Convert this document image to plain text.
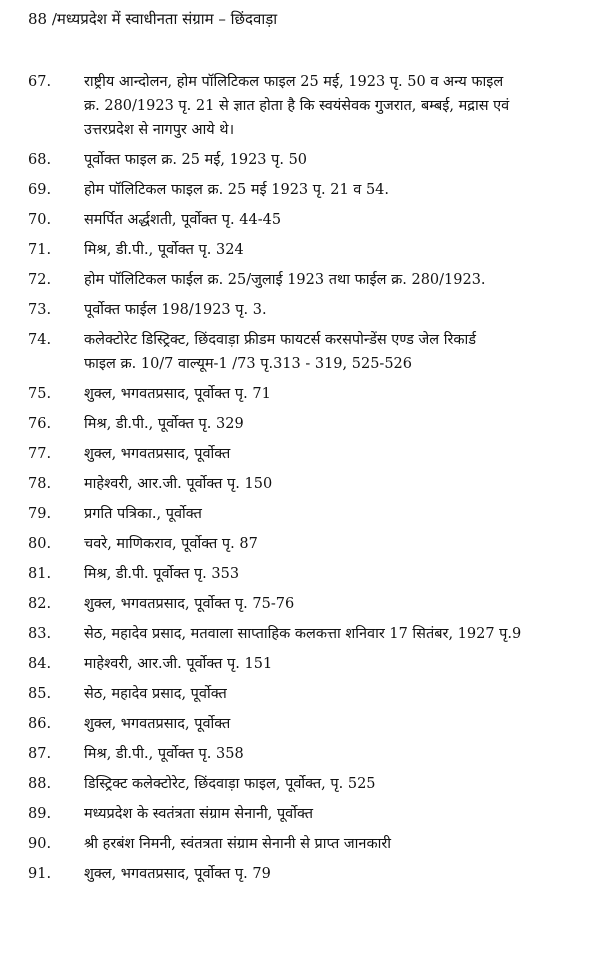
88 /मध्यप्रदेश में स्वाधीनता संग्राम – छिंदवाड़ा
67.	राष्ट्रीय आन्दोलन, होम पॉलिटिकल फाइल 25 मई, 1923 पृ. 50 व अन्य फाइल
क्र. 280/1923 पृ. 21 से ज्ञात होता है कि स्वयंसेवक गुजरात, बम्बई, मद्रास एवं
उत्तरप्रदेश से नागपुर आये थे।
68.	पूर्वोक्त फाइल क्र. 25 मई, 1923 पृ. 50
69.	होम पॉलिटिकल फाइल क्र. 25 मई 1923 पृ. 21 व 54.
70.	समर्पित अर्द्धशती, पूर्वोक्त पृ. 44-45
71.	मिश्र, डी.पी., पूर्वोक्त पृ. 324
72.	होम पॉलिटिकल फाईल क्र. 25/जुलाई 1923 तथा फाईल क्र. 280/1923.
73.	पूर्वोक्त फाईल 198/1923 पृ. 3.
74.	कलेक्टोरेट डिस्ट्रिक्ट, छिंदवाड़ा फ्रीडम फायटर्स करसपोन्डेंस एण्ड जेल रिकार्ड
फाइल क्र. 10/7 वाल्यूम-1 /73 पृ.313 - 319, 525-526
75.	शुक्ल, भगवतप्रसाद, पूर्वोक्त पृ. 71
76.	मिश्र, डी.पी., पूर्वोक्त पृ. 329
77.	शुक्ल, भगवतप्रसाद, पूर्वोक्त
78.	माहेश्वरी, आर.जी. पूर्वोक्त पृ. 150
79.	प्रगति पत्रिका., पूर्वोक्त
80.	चवरे, माणिकराव, पूर्वोक्त पृ. 87
81.	मिश्र, डी.पी. पूर्वोक्त पृ. 353
82.	शुक्ल, भगवतप्रसाद, पूर्वोक्त पृ. 75-76
83.	सेठ, महादेव प्रसाद, मतवाला साप्ताहिक कलकत्ता शनिवार 17 सितंबर, 1927 पृ.9
84.	माहेश्वरी, आर.जी. पूर्वोक्त पृ. 151
85.	सेठ, महादेव प्रसाद, पूर्वोक्त
86.	शुक्ल, भगवतप्रसाद, पूर्वोक्त
87.	मिश्र, डी.पी., पूर्वोक्त पृ. 358
88.	डिस्ट्रिक्ट कलेक्टोरेट, छिंदवाड़ा फाइल, पूर्वोक्त, पृ. 525
89.	मध्यप्रदेश के स्वतंत्रता संग्राम सेनानी, पूर्वोक्त
90.	श्री हरबंश निमनी, स्वंतत्रता संग्राम सेनानी से प्राप्त जानकारी
91.	शुक्ल, भगवतप्रसाद, पूर्वोक्त पृ. 79
